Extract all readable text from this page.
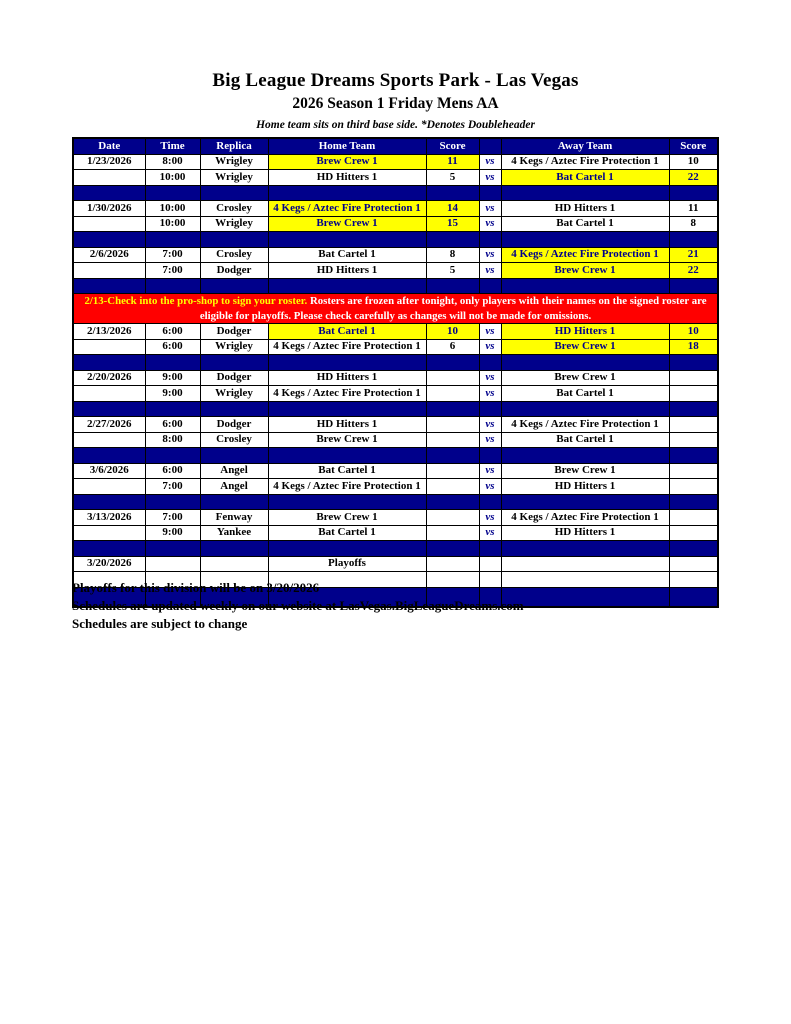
Big League Dreams Sports Park - Las Vegas
2026 Season 1 Friday Mens AA
Home team sits on third base side. *Denotes Doubleheader
Date	Time	Replica	Home Team	Score		Away Team	Score
1/23/2026	8:00	Wrigley	Brew Crew 1	11	vs	4 Kegs / Aztec Fire Protection 1	10
	10:00	Wrigley	HD Hitters 1	5	vs	Bat Cartel 1	22

1/30/2026	10:00	Crosley	4 Kegs / Aztec Fire Protection 1	14	vs	HD Hitters 1	11
	10:00	Wrigley	Brew Crew 1	15	vs	Bat Cartel 1	8

2/6/2026	7:00	Crosley	Bat Cartel 1	8	vs	4 Kegs / Aztec Fire Protection 1	21
	7:00	Dodger	HD Hitters 1	5	vs	Brew Crew 1	22

2/13-Check into the pro-shop to sign your roster. Rosters are frozen after tonight, only players with their names on the signed roster are eligible for playoffs. Please check carefully as changes will not be made for omissions.							
2/13/2026	6:00	Dodger	Bat Cartel 1	10	vs	HD Hitters 1	10
	6:00	Wrigley	4 Kegs / Aztec Fire Protection 1	6	vs	Brew Crew 1	18

2/20/2026	9:00	Dodger	HD Hitters 1		vs	Brew Crew 1	
	9:00	Wrigley	4 Kegs / Aztec Fire Protection 1		vs	Bat Cartel 1	

2/27/2026	6:00	Dodger	HD Hitters 1		vs	4 Kegs / Aztec Fire Protection 1	
	8:00	Crosley	Brew Crew 1		vs	Bat Cartel 1	

3/6/2026	6:00	Angel	Bat Cartel 1		vs	Brew Crew 1	
	7:00	Angel	4 Kegs / Aztec Fire Protection 1		vs	HD Hitters 1	

3/13/2026	7:00	Fenway	Brew Crew 1		vs	4 Kegs / Aztec Fire Protection 1	
	9:00	Yankee	Bat Cartel 1		vs	HD Hitters 1	

3/20/2026			Playoffs				

Playoffs for this division will be on 3/20/2026

Schedules are updated weekly on our website at LasVegas.BigLeagueDreams.com

Schedules are subject to change
